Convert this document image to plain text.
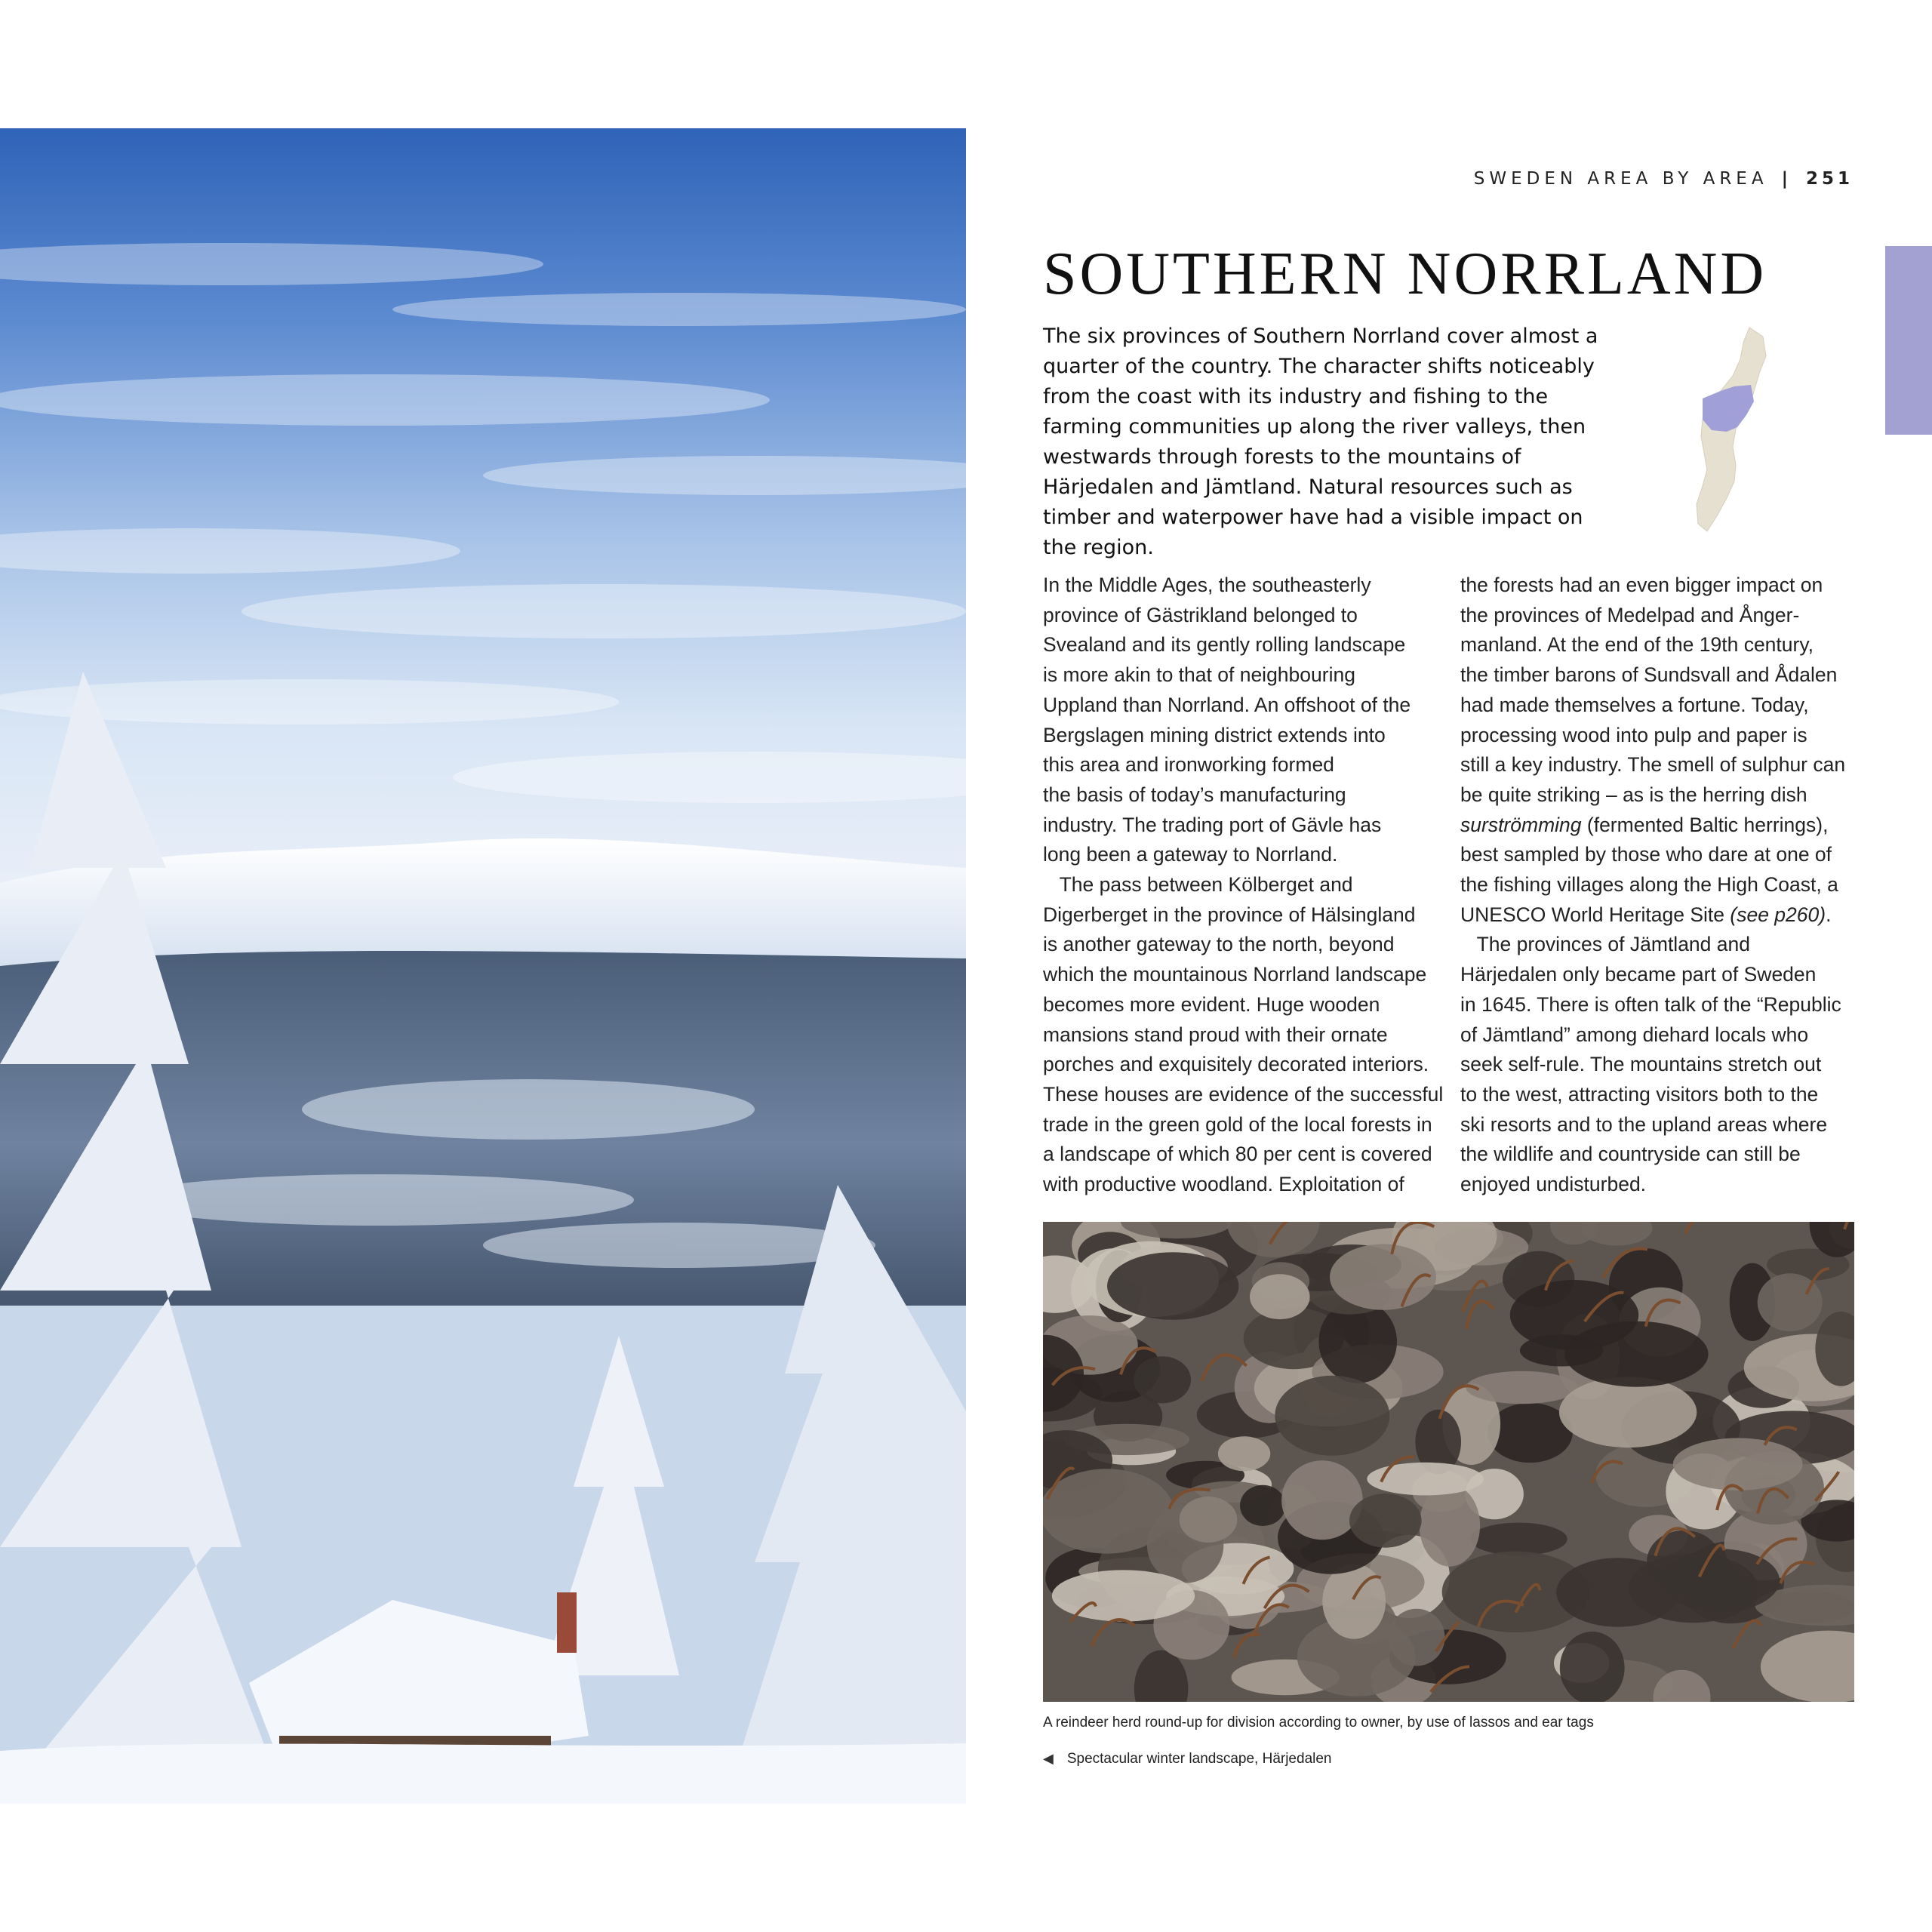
SWEDEN AREA BY AREA | 251
SOUTHERN NORRLAND

The six provinces of Southern Norrland cover almost a quarter of the country. The character shifts noticeably from the coast with its industry and fishing to the farming communities up along the river valleys, then westwards through forests to the mountains of Härjedalen and Jämtland. Natural resources such as timber and waterpower have had a visible impact on the region.

In the Middle Ages, the southeasterly
province of Gästrikland belonged to
Svealand and its gently rolling landscape
is more akin to that of neighbouring
Uppland than Norrland. An offshoot of the
Bergslagen mining district extends into
this area and ironworking formed
the basis of today’s manufacturing
industry. The trading port of Gävle has
long been a gateway to Norrland.
The pass between Kölberget and
Digerberget in the province of Hälsingland
is another gateway to the north, beyond
which the mountainous Norrland landscape
becomes more evident. Huge wooden
mansions stand proud with their ornate
porches and exquisitely decorated interiors.
These houses are evidence of the successful
trade in the green gold of the local forests in
a landscape of which 80 per cent is covered
with productive woodland. Exploitation of
the forests had an even bigger impact on
the provinces of Medelpad and Ånger-
manland. At the end of the 19th century,
the timber barons of Sundsvall and Ådalen
had made themselves a fortune. Today,
processing wood into pulp and paper is
still a key industry. The smell of sulphur can
be quite striking – as is the herring dish
surströmming (fermented Baltic herrings),
best sampled by those who dare at one of
the fishing villages along the High Coast, a
UNESCO World Heritage Site (see p260).
The provinces of Jämtland and
Härjedalen only became part of Sweden
in 1645. There is often talk of the “Republic
of Jämtland” among diehard locals who
seek self-rule. The mountains stretch out
to the west, attracting visitors both to the
ski resorts and to the upland areas where
the wildlife and countryside can still be
enjoyed undisturbed.
A reindeer herd round-up for division according to owner, by use of lassos and ear tags
◀ Spectacular winter landscape, Härjedalen
